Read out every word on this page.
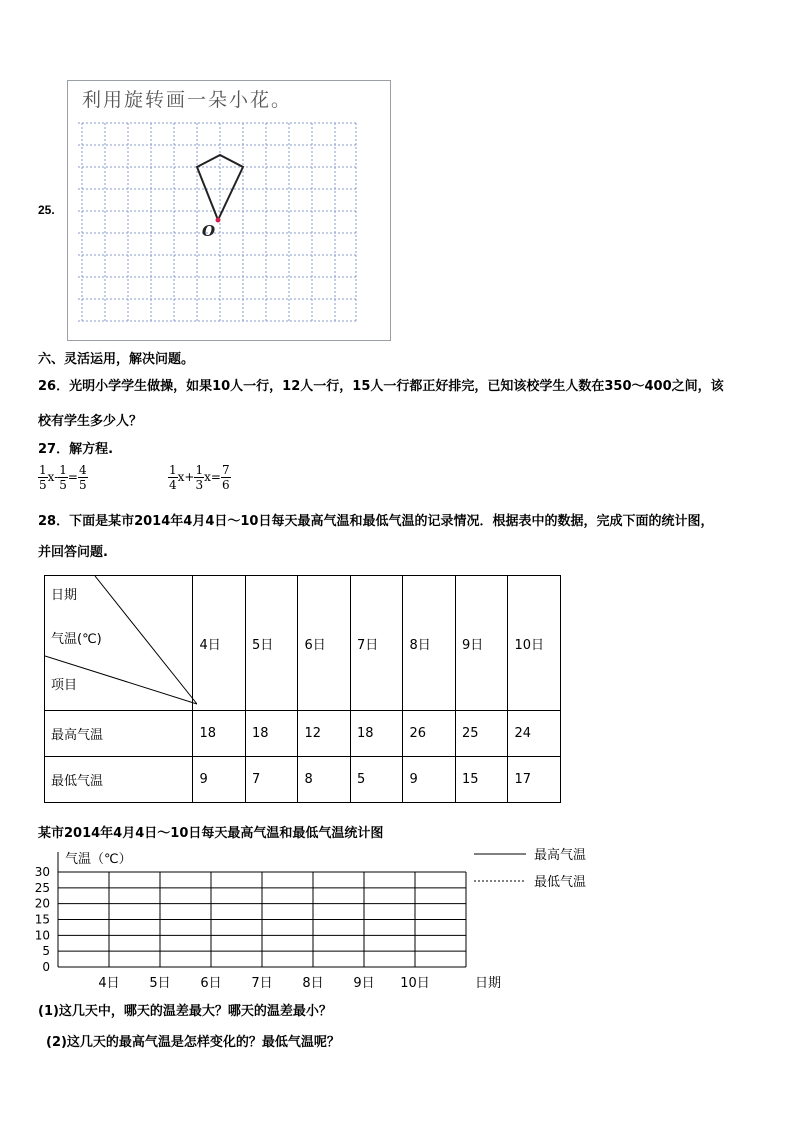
25.
O
利用旋转画一朵小花。
六、灵活运用，解决问题。
26．光明小学学生做操，如果10人一行，12人一行，15人一行都正好排完，已知该校学生人数在350～400之间，该
校有学生多少人？
27．解方程.
$\frac{1}{5} x- \frac{1}{5} = \frac{4}{5}$	$\frac{1}{4} x+ \frac{1}{3} x= \frac{7}{6}$
28．下面是某市2014年4月4日～10日每天最高气温和最低气温的记录情况．根据表中的数据，完成下面的统计图，
并回答问题.
日期
气温(℃)
项目	4日	5日	6日	7日	8日	9日	10日
最高气温	18	18	12	18	26	25	24
最低气温	9	7	8	5	9	15	17
某市2014年4月4日～10日每天最高气温和最低气温统计图
气温（℃）
日期
最高气温
最低气温
0
5
10
15
20
25
30
4日 5日 6日 7日 8日 9日 10日
(1)这几天中，哪天的温差最大？哪天的温差最小？
(2)这几天的最高气温是怎样变化的？最低气温呢？
